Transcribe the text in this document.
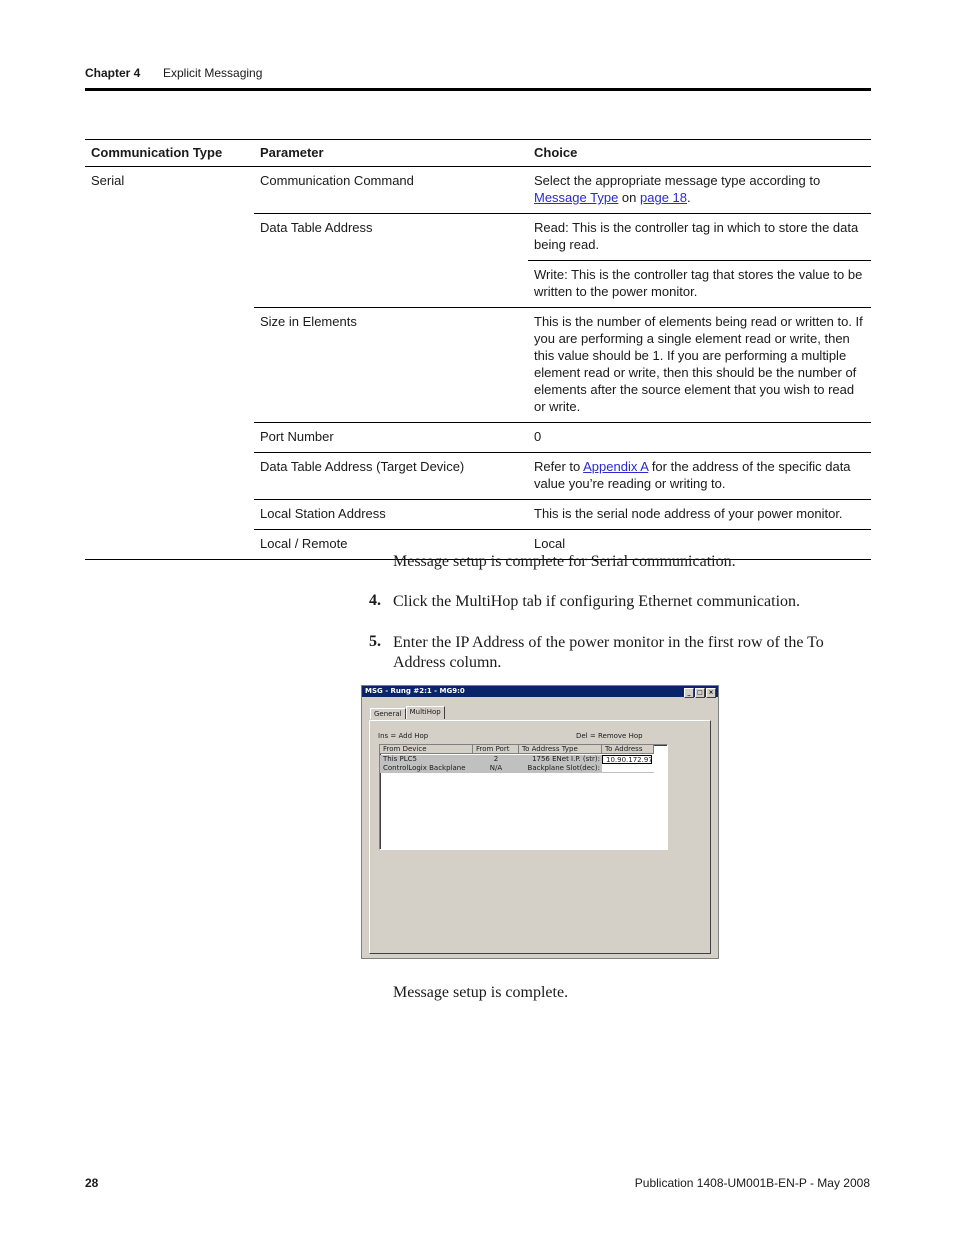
Chapter 4 Explicit Messaging
Communication Type	Parameter	Choice
Serial	Communication Command	Select the appropriate message type according to Message Type on page 18.
	Data Table Address	Read: This is the controller tag in which to store the data being read.
		Write: This is the controller tag that stores the value to be written to the power monitor.
	Size in Elements	This is the number of elements being read or written to. If you are performing a single element read or write, then this value should be 1. If you are performing a multiple element read or write, then this should be the number of elements after the source element that you wish to read or write.
	Port Number	0
	Data Table Address (Target Device)	Refer to Appendix A for the address of the specific data value you’re reading or writing to.
	Local Station Address	This is the serial node address of your power monitor.
	Local / Remote	Local
Message setup is complete for Serial communication.
4. Click the MultiHop tab if configuring Ethernet communication.
5. Enter the IP Address of the power monitor in the first row of the To Address column.
MSG - Rung #2:1 - MG9:0	_ □ ×
General MultiHop
Ins = Add Hop	Del = Remove Hop
From Device	From Port	To Address Type	To Address
This PLC5	2	1756 ENet I.P. (str): 10.90.172.97
ControlLogix Backplane	N/A	Backplane Slot(dec):
Message setup is complete.
28	Publication 1408-UM001B-EN-P - May 2008
